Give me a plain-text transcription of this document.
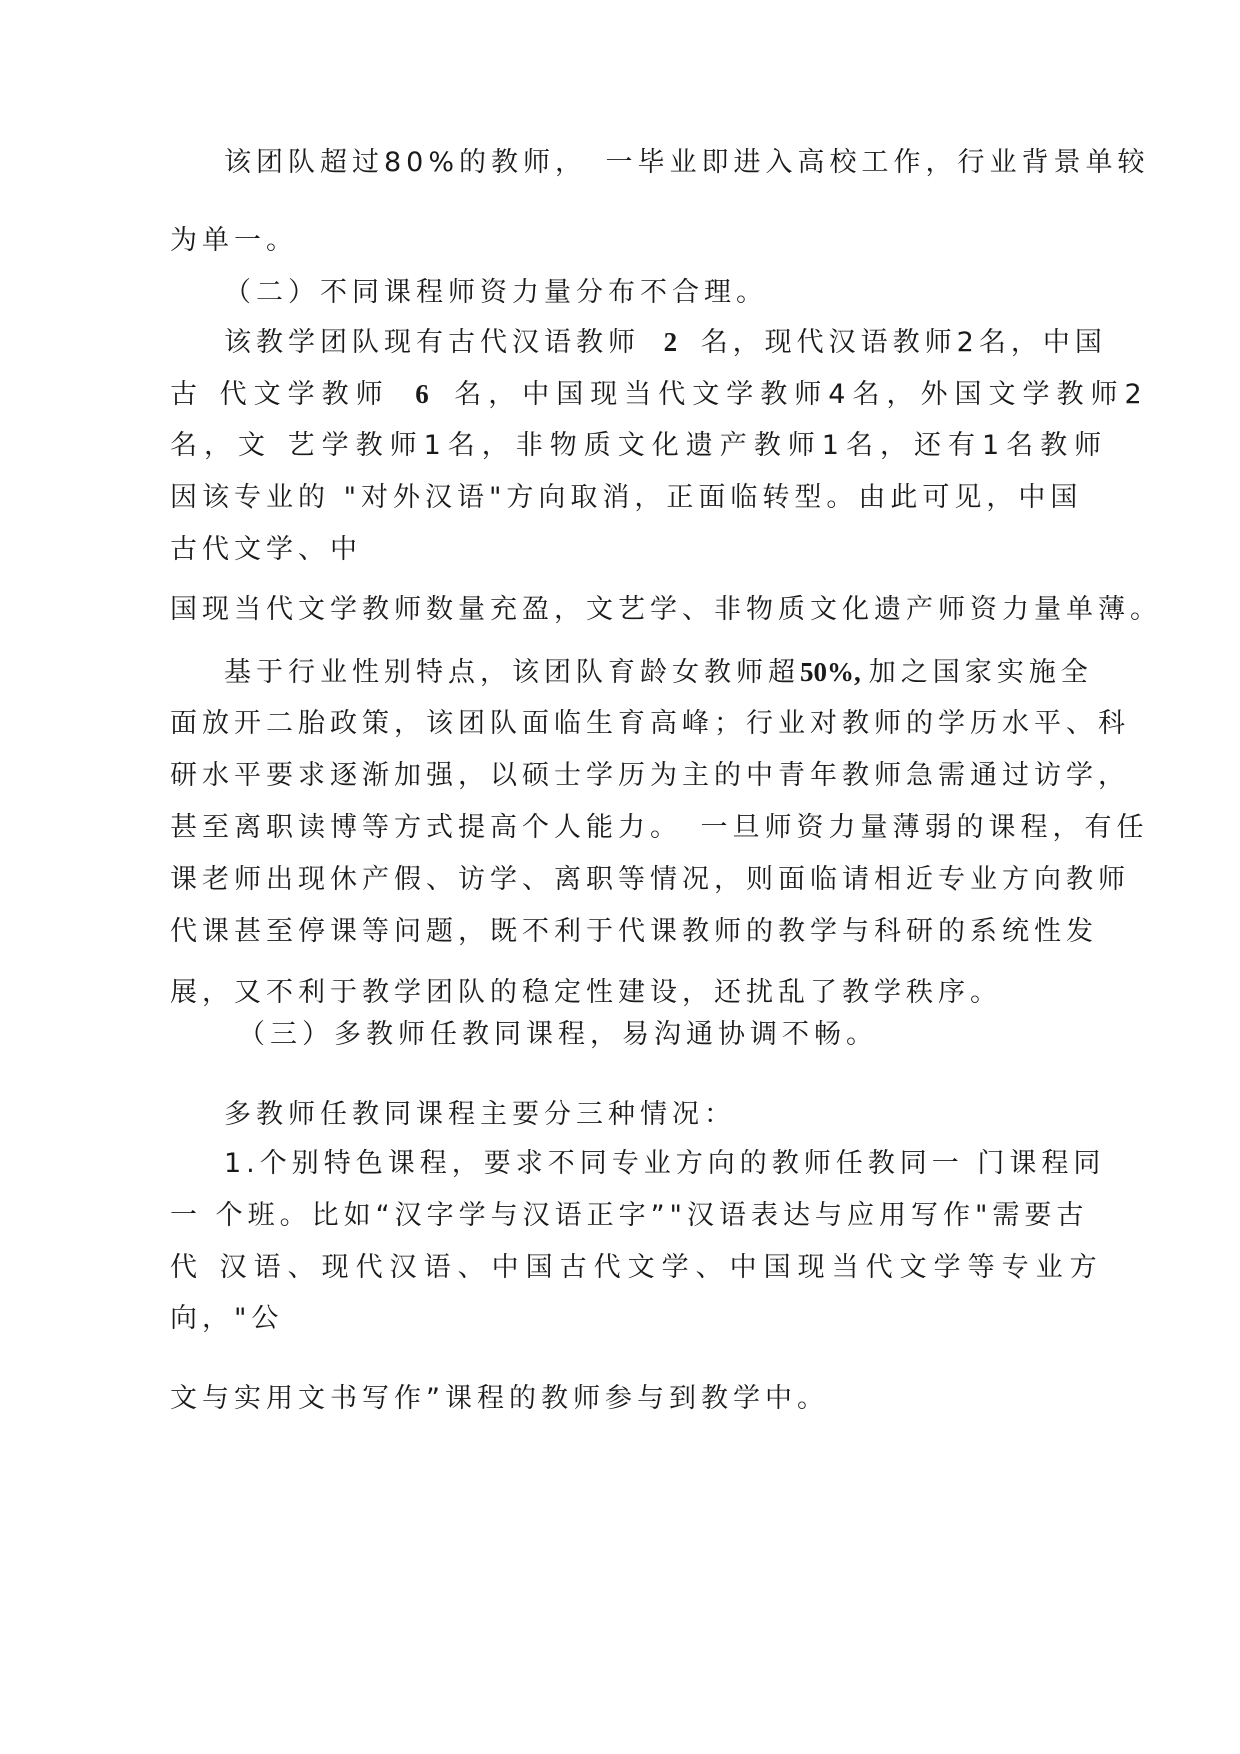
该团队超过80%的教师，　一毕业即进入高校工作，行业背景单较
为单一。
（二）不同课程师资力量分布不合理。
该教学团队现有古代汉语教师 2 名，现代汉语教师2名，中国
古 代文学教师 6 名，中国现当代文学教师4名，外国文学教师2
名，文 艺学教师1名，非物质文化遗产教师1名，还有1名教师
因该专业的 "对外汉语"方向取消，正面临转型。由此可见，中国
古代文学、中
国现当代文学教师数量充盈，文艺学、非物质文化遗产师资力量单薄。
基于行业性别特点，该团队育龄女教师超50%, 加之国家实施全
面放开二胎政策，该团队面临生育高峰；行业对教师的学历水平、科
研水平要求逐渐加强，以硕士学历为主的中青年教师急需通过访学，
甚至离职读博等方式提高个人能力。　一旦师资力量薄弱的课程，有任
课老师出现休产假、访学、离职等情况，则面临请相近专业方向教师
代课甚至停课等问题，既不利于代课教师的教学与科研的系统性发
展，又不利于教学团队的稳定性建设，还扰乱了教学秩序。
（三）多教师任教同课程，易沟通协调不畅。
多教师任教同课程主要分三种情况：
1.个别特色课程，要求不同专业方向的教师任教同一 门课程同
一 个班。比如“汉字学与汉语正字”"汉语表达与应用写作"需要古
代 汉语、现代汉语、中国古代文学、中国现当代文学等专业方
向，"公
文与实用文书写作”课程的教师参与到教学中。
